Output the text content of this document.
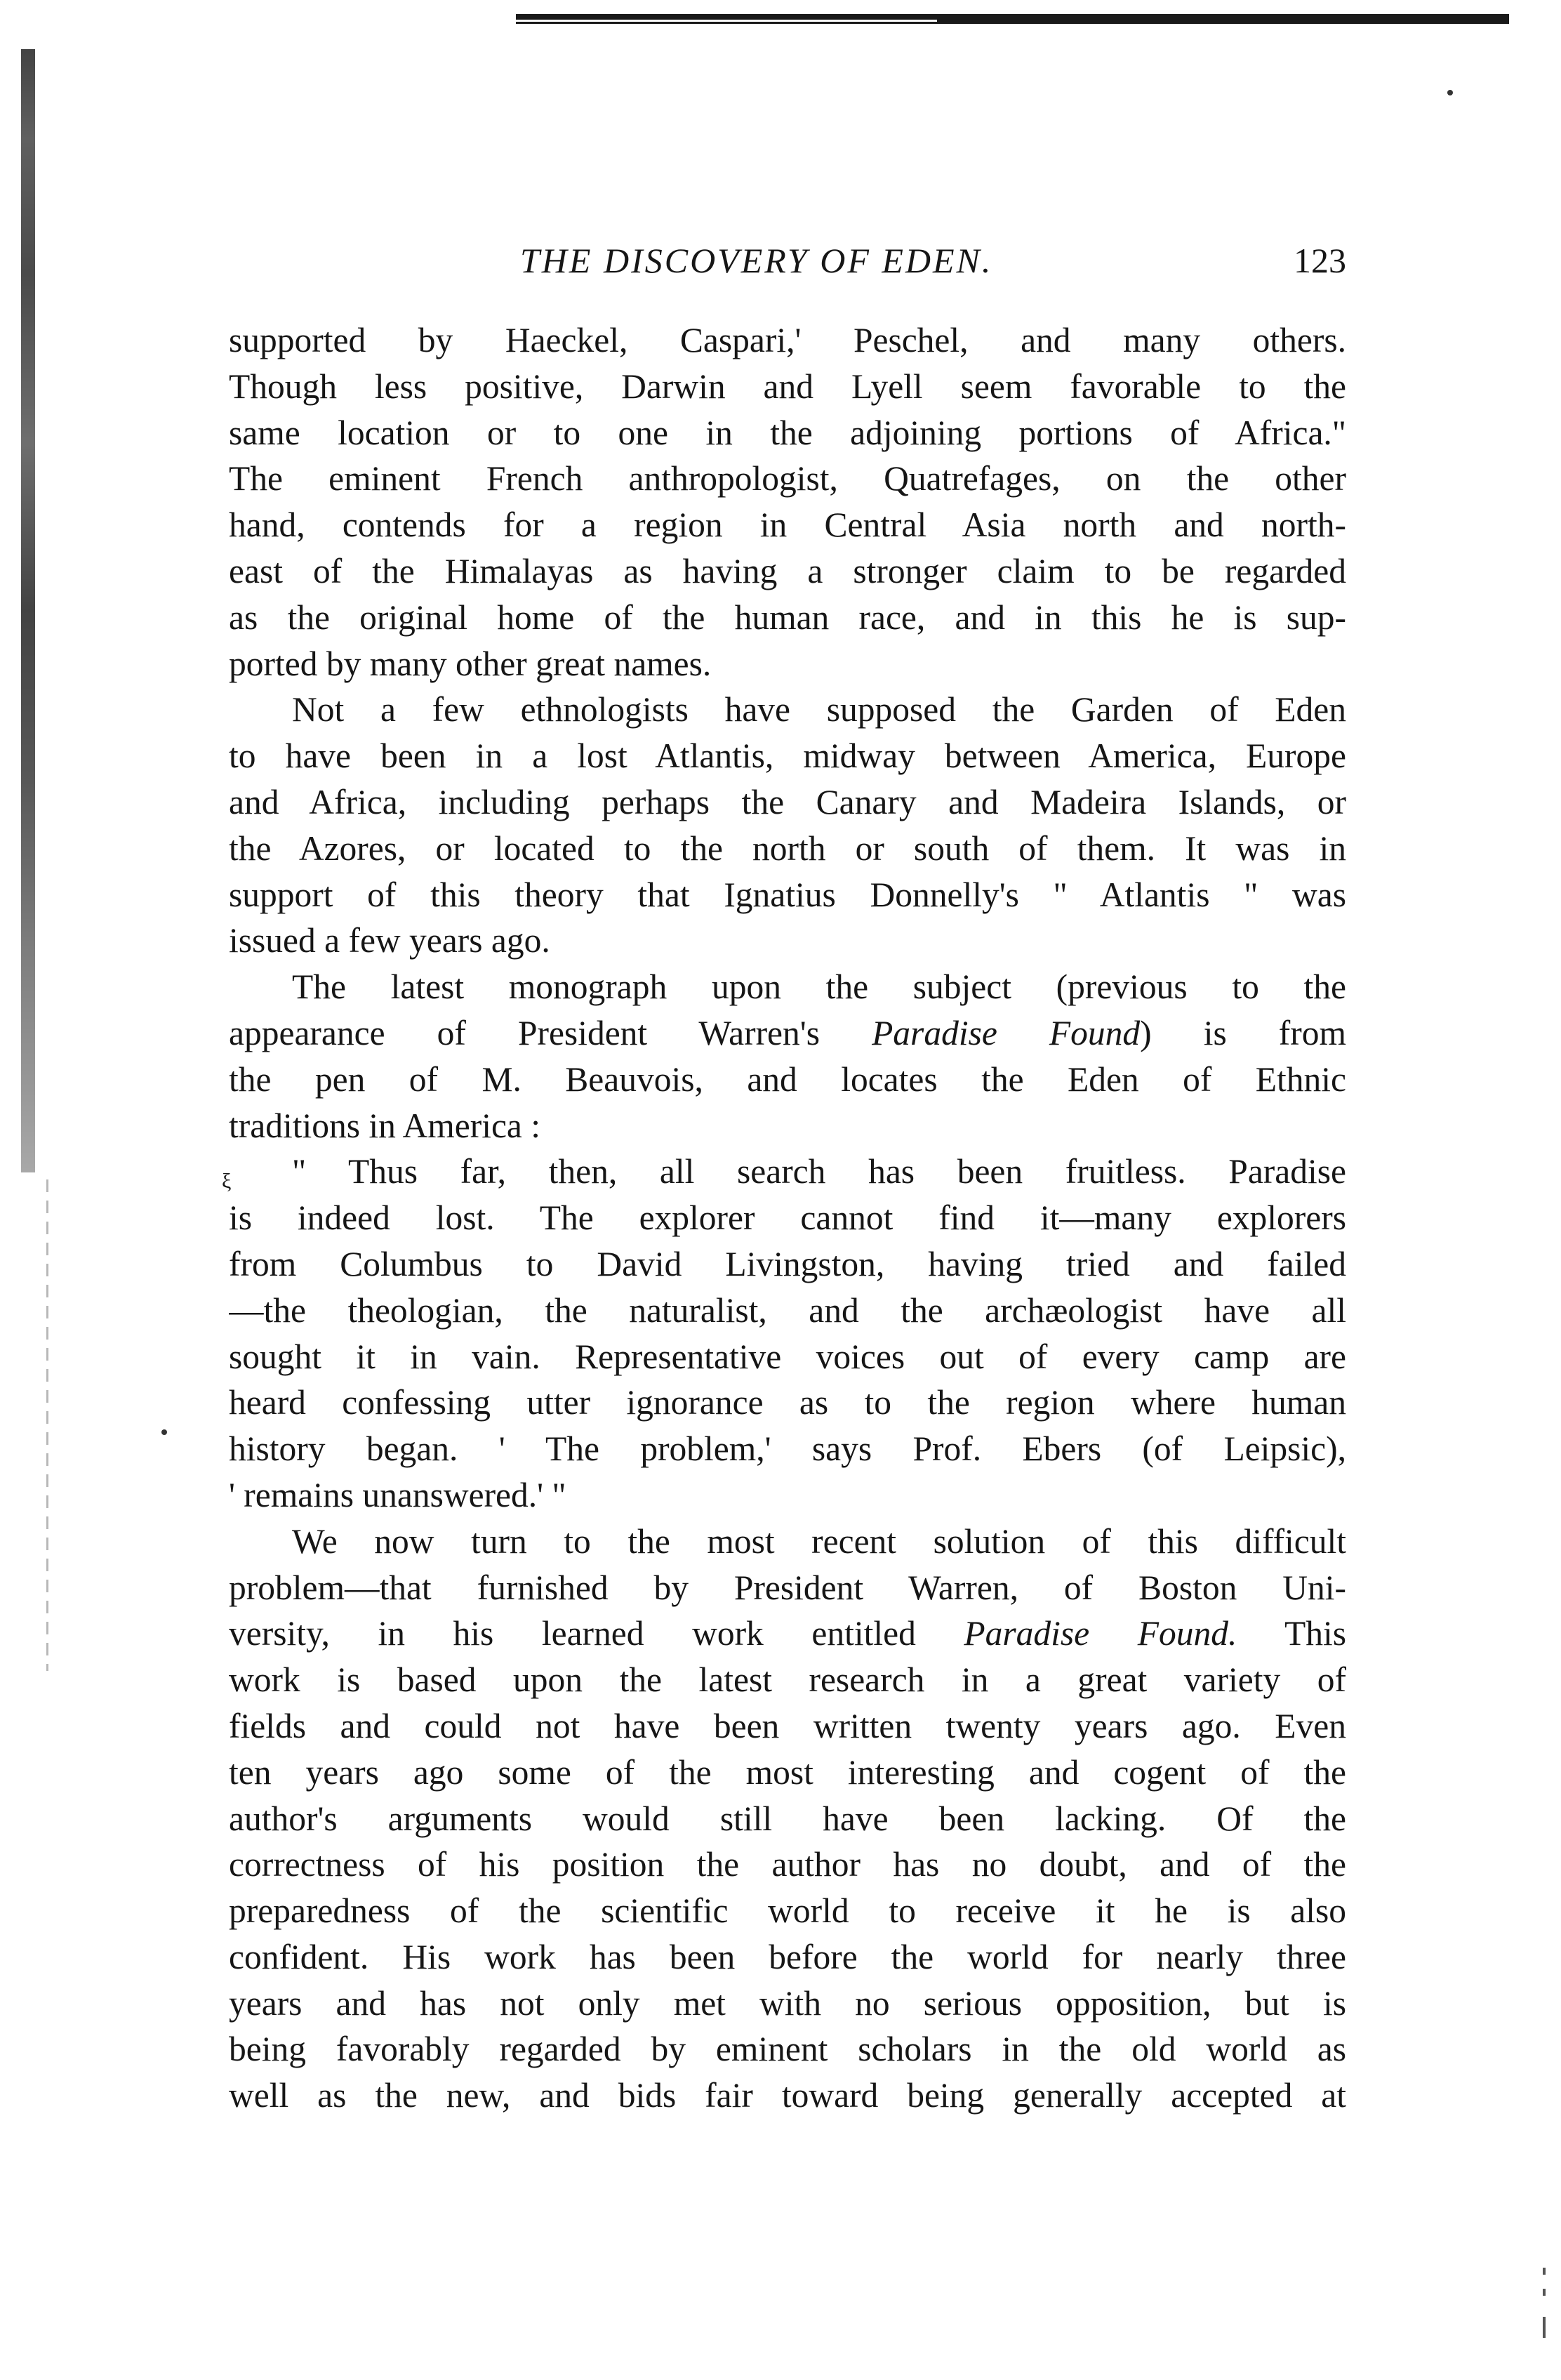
THE DISCOVERY OF EDEN.	123

supported by Haeckel, Caspari,' Peschel, and many others.
Though less positive, Darwin and Lyell seem favorable to the
same location or to one in the adjoining portions of Africa."
The eminent French anthropologist, Quatrefages, on the other
hand, contends for a region in Central Asia north and north-
east of the Himalayas as having a stronger claim to be regarded
as the original home of the human race, and in this he is sup-
ported by many other great names.

Not a few ethnologists have supposed the Garden of Eden
to have been in a lost Atlantis, midway between America, Europe
and Africa, including perhaps the Canary and Madeira Islands, or
the Azores, or located to the north or south of them. It was in
support of this theory that Ignatius Donnelly's " Atlantis " was
issued a few years ago.

The latest monograph upon the subject (previous to the
appearance of President Warren's Paradise Found) is from
the pen of M. Beauvois, and locates the Eden of Ethnic
traditions in America :

ξ	" Thus far, then, all search has been fruitless. Paradise
is indeed lost. The explorer cannot find it—many explorers
from Columbus to David Livingston, having tried and failed
—the theologian, the naturalist, and the archæologist have all
sought it in vain. Representative voices out of every camp are
heard confessing utter ignorance as to the region where human
history began. ' The problem,' says Prof. Ebers (of Leipsic),
' remains unanswered.' "

We now turn to the most recent solution of this difficult
problem—that furnished by President Warren, of Boston Uni-
versity, in his learned work entitled Paradise Found. This
work is based upon the latest research in a great variety of
fields and could not have been written twenty years ago. Even
ten years ago some of the most interesting and cogent of the
author's arguments would still have been lacking. Of the
correctness of his position the author has no doubt, and of the
preparedness of the scientific world to receive it he is also
confident. His work has been before the world for nearly three
years and has not only met with no serious opposition, but is
being favorably regarded by eminent scholars in the old world as
well as the new, and bids fair toward being generally accepted at
